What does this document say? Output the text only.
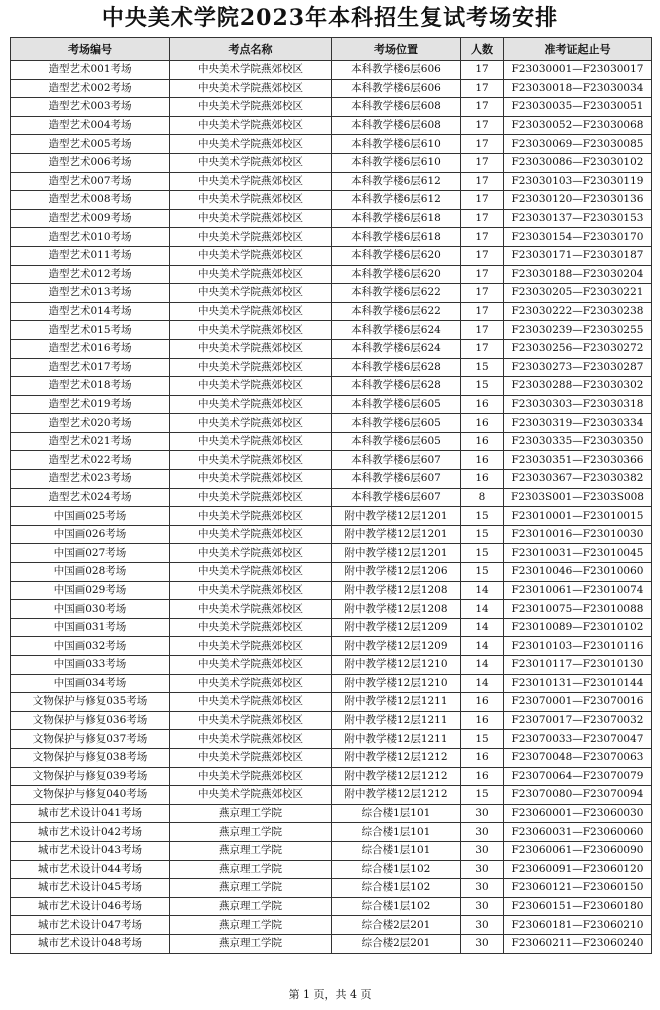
中央美术学院2023年本科招生复试考场安排
考场编号	考点名称	考场位置	人数	准考证起止号
造型艺术001考场	中央美术学院燕郊校区	本科教学楼6层606	17	F23030001—F23030017
造型艺术002考场	中央美术学院燕郊校区	本科教学楼6层606	17	F23030018—F23030034
造型艺术003考场	中央美术学院燕郊校区	本科教学楼6层608	17	F23030035—F23030051
造型艺术004考场	中央美术学院燕郊校区	本科教学楼6层608	17	F23030052—F23030068
造型艺术005考场	中央美术学院燕郊校区	本科教学楼6层610	17	F23030069—F23030085
造型艺术006考场	中央美术学院燕郊校区	本科教学楼6层610	17	F23030086—F23030102
造型艺术007考场	中央美术学院燕郊校区	本科教学楼6层612	17	F23030103—F23030119
造型艺术008考场	中央美术学院燕郊校区	本科教学楼6层612	17	F23030120—F23030136
造型艺术009考场	中央美术学院燕郊校区	本科教学楼6层618	17	F23030137—F23030153
造型艺术010考场	中央美术学院燕郊校区	本科教学楼6层618	17	F23030154—F23030170
造型艺术011考场	中央美术学院燕郊校区	本科教学楼6层620	17	F23030171—F23030187
造型艺术012考场	中央美术学院燕郊校区	本科教学楼6层620	17	F23030188—F23030204
造型艺术013考场	中央美术学院燕郊校区	本科教学楼6层622	17	F23030205—F23030221
造型艺术014考场	中央美术学院燕郊校区	本科教学楼6层622	17	F23030222—F23030238
造型艺术015考场	中央美术学院燕郊校区	本科教学楼6层624	17	F23030239—F23030255
造型艺术016考场	中央美术学院燕郊校区	本科教学楼6层624	17	F23030256—F23030272
造型艺术017考场	中央美术学院燕郊校区	本科教学楼6层628	15	F23030273—F23030287
造型艺术018考场	中央美术学院燕郊校区	本科教学楼6层628	15	F23030288—F23030302
造型艺术019考场	中央美术学院燕郊校区	本科教学楼6层605	16	F23030303—F23030318
造型艺术020考场	中央美术学院燕郊校区	本科教学楼6层605	16	F23030319—F23030334
造型艺术021考场	中央美术学院燕郊校区	本科教学楼6层605	16	F23030335—F23030350
造型艺术022考场	中央美术学院燕郊校区	本科教学楼6层607	16	F23030351—F23030366
造型艺术023考场	中央美术学院燕郊校区	本科教学楼6层607	16	F23030367—F23030382
造型艺术024考场	中央美术学院燕郊校区	本科教学楼6层607	8	F2303S001—F2303S008
中国画025考场	中央美术学院燕郊校区	附中教学楼12层1201	15	F23010001—F23010015
中国画026考场	中央美术学院燕郊校区	附中教学楼12层1201	15	F23010016—F23010030
中国画027考场	中央美术学院燕郊校区	附中教学楼12层1201	15	F23010031—F23010045
中国画028考场	中央美术学院燕郊校区	附中教学楼12层1206	15	F23010046—F23010060
中国画029考场	中央美术学院燕郊校区	附中教学楼12层1208	14	F23010061—F23010074
中国画030考场	中央美术学院燕郊校区	附中教学楼12层1208	14	F23010075—F23010088
中国画031考场	中央美术学院燕郊校区	附中教学楼12层1209	14	F23010089—F23010102
中国画032考场	中央美术学院燕郊校区	附中教学楼12层1209	14	F23010103—F23010116
中国画033考场	中央美术学院燕郊校区	附中教学楼12层1210	14	F23010117—F23010130
中国画034考场	中央美术学院燕郊校区	附中教学楼12层1210	14	F23010131—F23010144
文物保护与修复035考场	中央美术学院燕郊校区	附中教学楼12层1211	16	F23070001—F23070016
文物保护与修复036考场	中央美术学院燕郊校区	附中教学楼12层1211	16	F23070017—F23070032
文物保护与修复037考场	中央美术学院燕郊校区	附中教学楼12层1211	15	F23070033—F23070047
文物保护与修复038考场	中央美术学院燕郊校区	附中教学楼12层1212	16	F23070048—F23070063
文物保护与修复039考场	中央美术学院燕郊校区	附中教学楼12层1212	16	F23070064—F23070079
文物保护与修复040考场	中央美术学院燕郊校区	附中教学楼12层1212	15	F23070080—F23070094
城市艺术设计041考场	燕京理工学院	综合楼1层101	30	F23060001—F23060030
城市艺术设计042考场	燕京理工学院	综合楼1层101	30	F23060031—F23060060
城市艺术设计043考场	燕京理工学院	综合楼1层101	30	F23060061—F23060090
城市艺术设计044考场	燕京理工学院	综合楼1层102	30	F23060091—F23060120
城市艺术设计045考场	燕京理工学院	综合楼1层102	30	F23060121—F23060150
城市艺术设计046考场	燕京理工学院	综合楼1层102	30	F23060151—F23060180
城市艺术设计047考场	燕京理工学院	综合楼2层201	30	F23060181—F23060210
城市艺术设计048考场	燕京理工学院	综合楼2层201	30	F23060211—F23060240
第 1 页，共 4 页
